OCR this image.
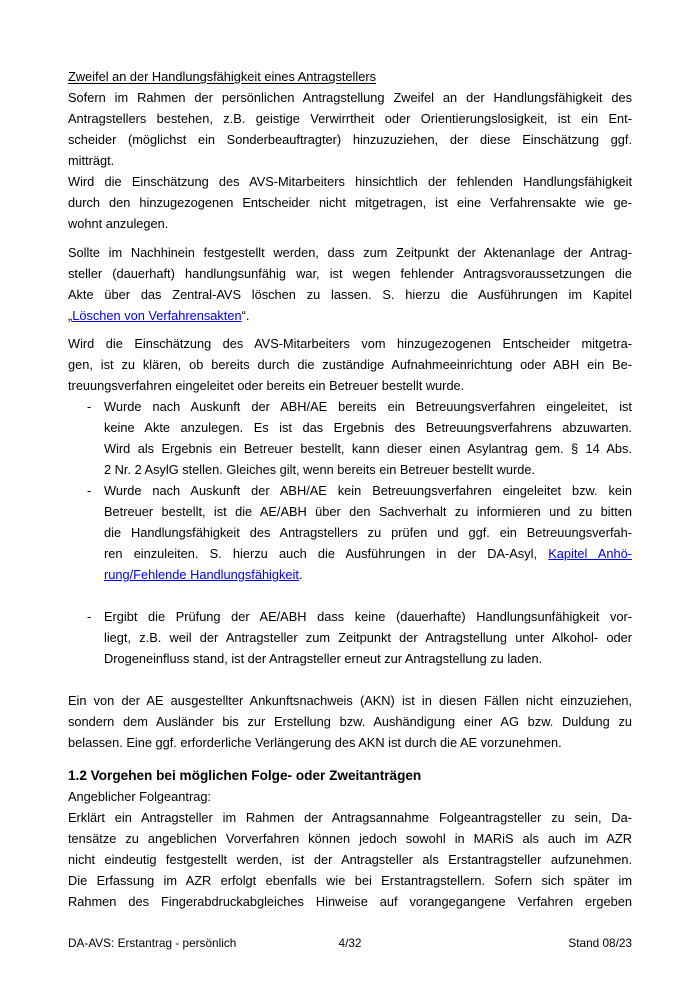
Zweifel an der Handlungsfähigkeit eines Antragstellers
Sofern im Rahmen der persönlichen Antragstellung Zweifel an der Handlungsfähigkeit des
Antragstellers bestehen, z.B. geistige Verwirrtheit oder Orientierungslosigkeit, ist ein Ent-
scheider (möglichst ein Sonderbeauftragter) hinzuzuziehen, der diese Einschätzung ggf.
mitträgt.
Wird die Einschätzung des AVS-Mitarbeiters hinsichtlich der fehlenden Handlungsfähigkeit
durch den hinzugezogenen Entscheider nicht mitgetragen, ist eine Verfahrensakte wie ge-
wohnt anzulegen.
Sollte im Nachhinein festgestellt werden, dass zum Zeitpunkt der Aktenanlage der Antrag-
steller (dauerhaft) handlungsunfähig war, ist wegen fehlender Antragsvoraussetzungen die
Akte über das Zentral-AVS löschen zu lassen. S. hierzu die Ausführungen im Kapitel
„Löschen von Verfahrensakten“.
Wird die Einschätzung des AVS-Mitarbeiters vom hinzugezogenen Entscheider mitgetra-
gen, ist zu klären, ob bereits durch die zuständige Aufnahmeeinrichtung oder ABH ein Be-
treuungsverfahren eingeleitet oder bereits ein Betreuer bestellt wurde.
- Wurde nach Auskunft der ABH/AE bereits ein Betreuungsverfahren eingeleitet, ist
keine Akte anzulegen. Es ist das Ergebnis des Betreuungsverfahrens abzuwarten.
Wird als Ergebnis ein Betreuer bestellt, kann dieser einen Asylantrag gem. § 14 Abs.
2 Nr. 2 AsylG stellen. Gleiches gilt, wenn bereits ein Betreuer bestellt wurde.
- Wurde nach Auskunft der ABH/AE kein Betreuungsverfahren eingeleitet bzw. kein
Betreuer bestellt, ist die AE/ABH über den Sachverhalt zu informieren und zu bitten
die Handlungsfähigkeit des Antragstellers zu prüfen und ggf. ein Betreuungsverfah-
ren einzuleiten. S. hierzu auch die Ausführungen in der DA-Asyl, Kapitel Anhö-
rung/Fehlende Handlungsfähigkeit.
- Ergibt die Prüfung der AE/ABH dass keine (dauerhafte) Handlungsunfähigkeit vor-
liegt, z.B. weil der Antragsteller zum Zeitpunkt der Antragstellung unter Alkohol- oder
Drogeneinfluss stand, ist der Antragsteller erneut zur Antragstellung zu laden.
Ein von der AE ausgestellter Ankunftsnachweis (AKN) ist in diesen Fällen nicht einzuziehen,
sondern dem Ausländer bis zur Erstellung bzw. Aushändigung einer AG bzw. Duldung zu
belassen. Eine ggf. erforderliche Verlängerung des AKN ist durch die AE vorzunehmen.
1.2 Vorgehen bei möglichen Folge- oder Zweitanträgen
Angeblicher Folgeantrag:
Erklärt ein Antragsteller im Rahmen der Antragsannahme Folgeantragsteller zu sein, Da-
tensätze zu angeblichen Vorverfahren können jedoch sowohl in MARiS als auch im AZR
nicht eindeutig festgestellt werden, ist der Antragsteller als Erstantragsteller aufzunehmen.
Die Erfassung im AZR erfolgt ebenfalls wie bei Erstantragstellern. Sofern sich später im
Rahmen des Fingerabdruckabgleiches Hinweise auf vorangegangene Verfahren ergeben
DA-AVS: Erstantrag - persönlich	4/32	Stand 08/23
